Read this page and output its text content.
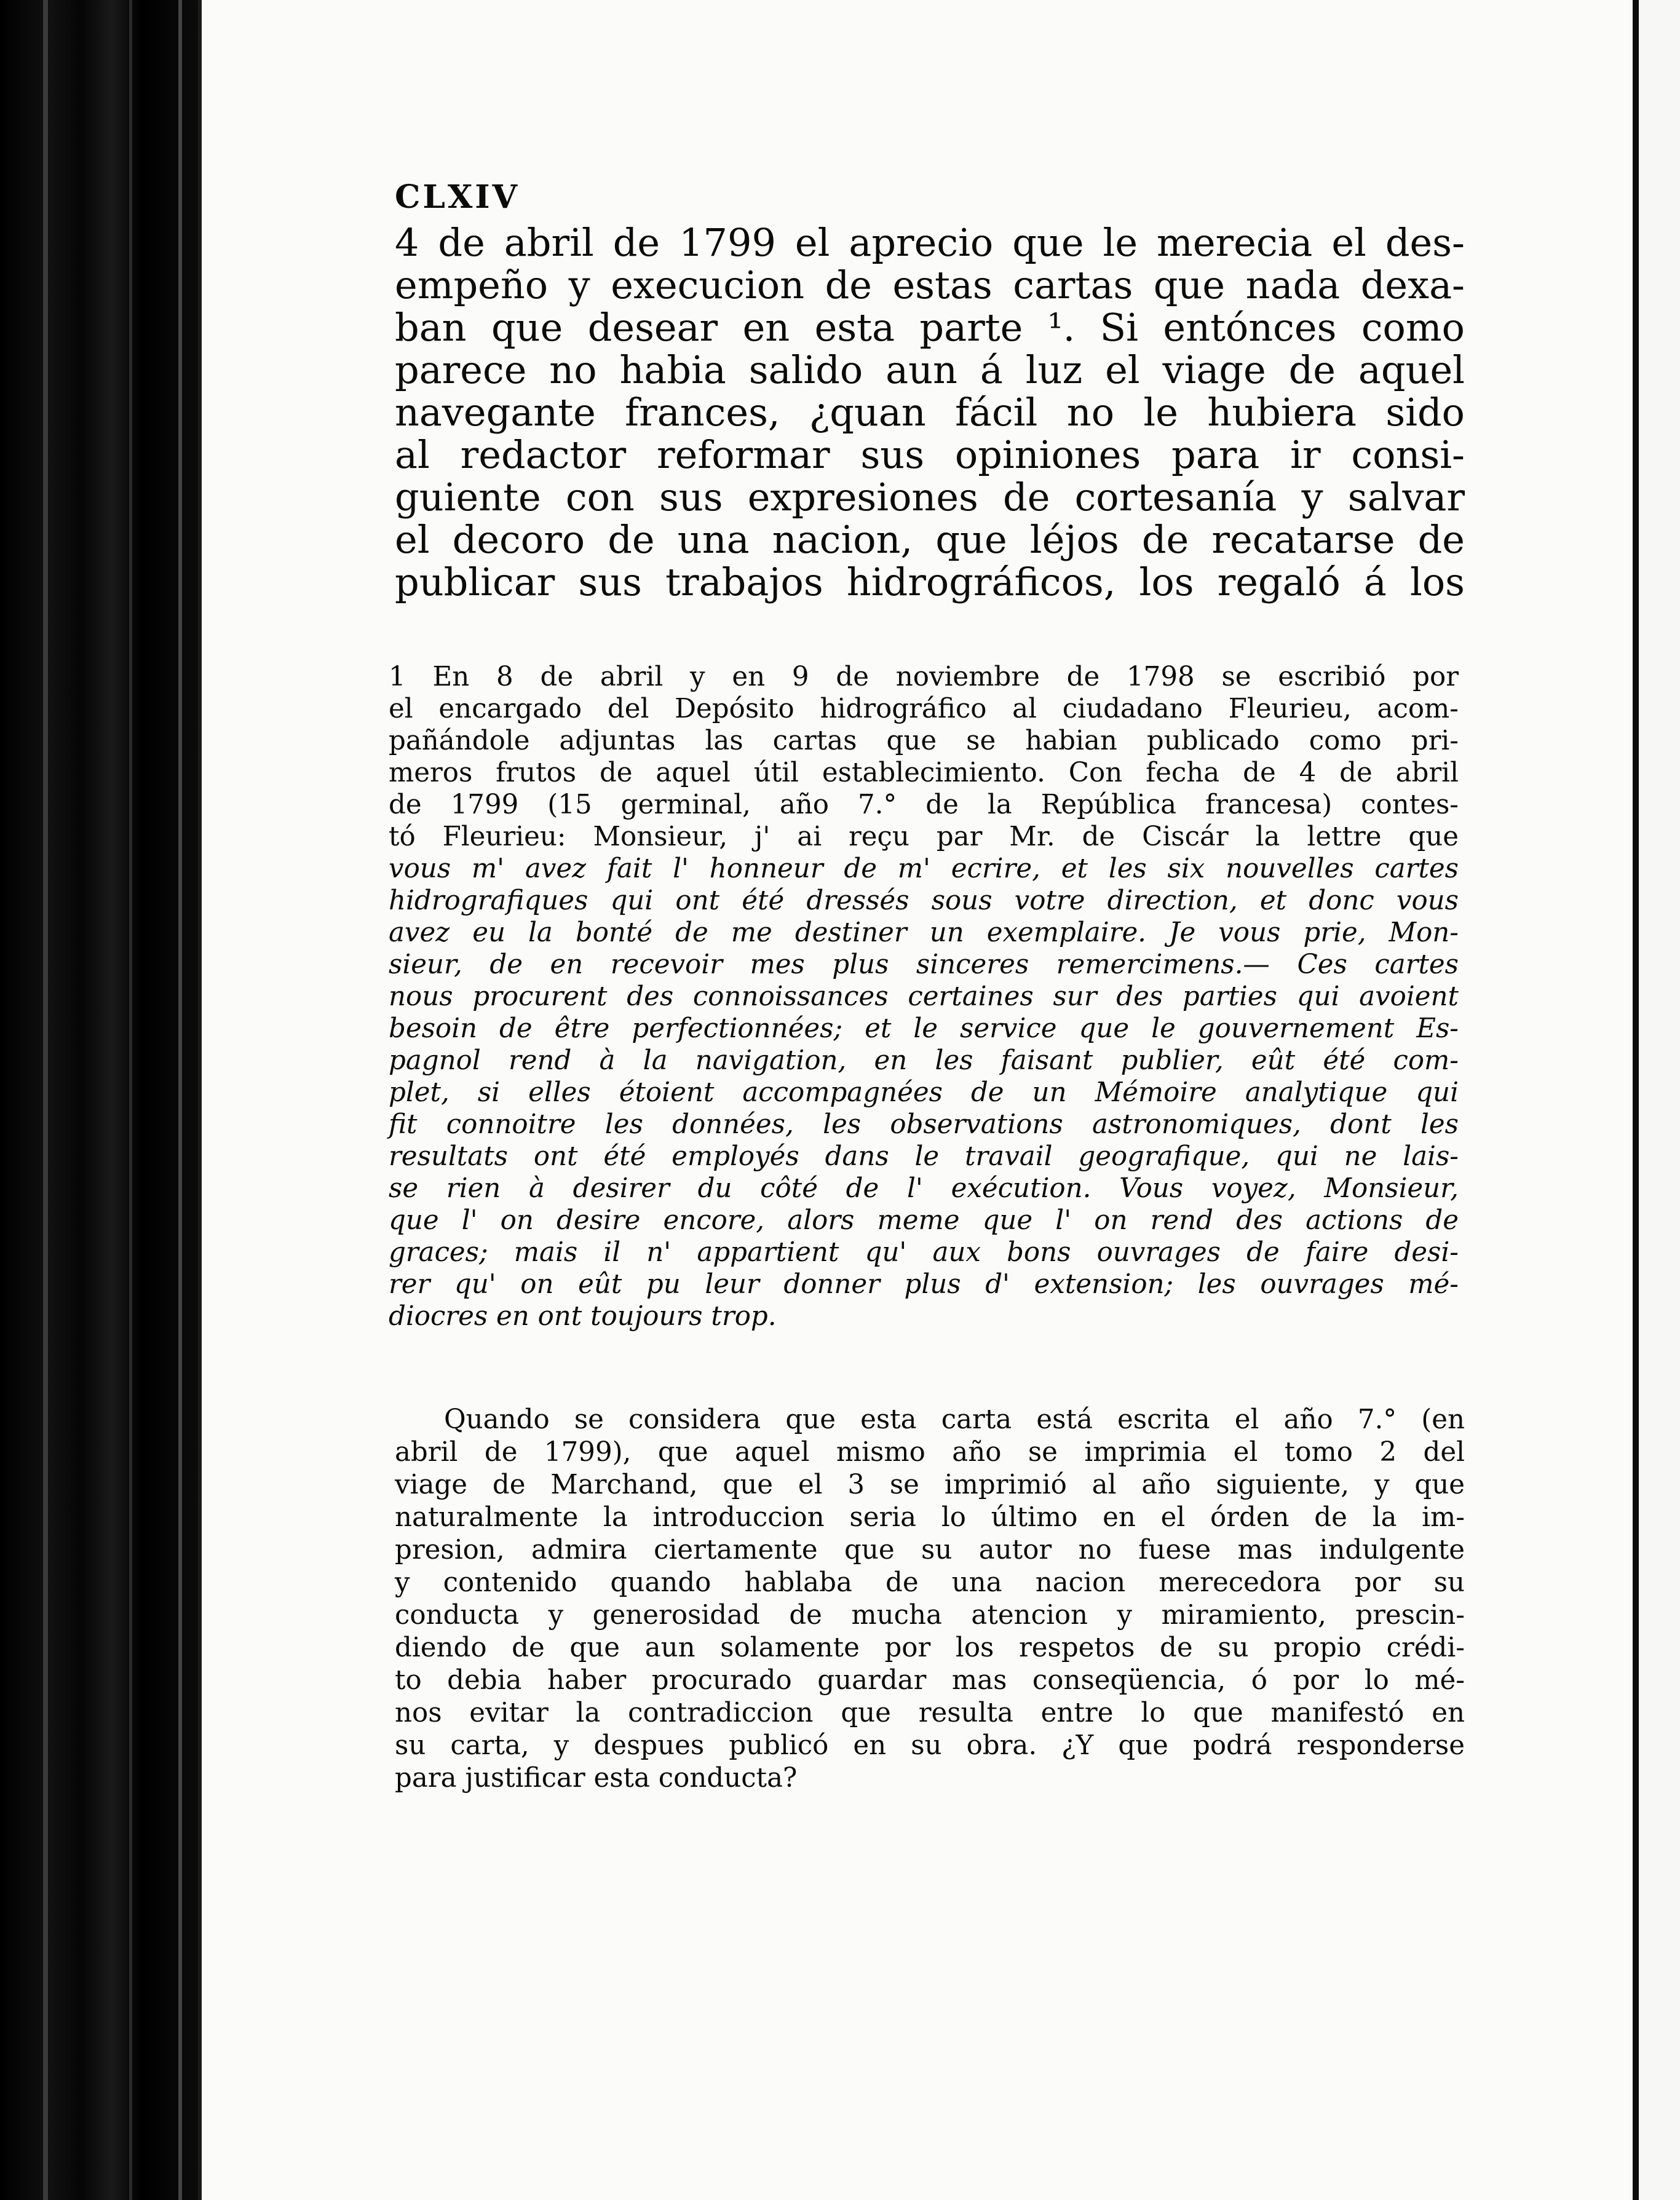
CLXIV
4 de abril de 1799 el aprecio que le merecia el des-
empeño y execucion de estas cartas que nada dexa-
ban que desear en esta parte ¹. Si entónces como
parece no habia salido aun á luz el viage de aquel
navegante frances, ¿quan fácil no le hubiera sido
al redactor reformar sus opiniones para ir consi-
guiente con sus expresiones de cortesanía y salvar
el decoro de una nacion, que léjos de recatarse de
publicar sus trabajos hidrográficos, los regaló á los
1 En 8 de abril y en 9 de noviembre de 1798 se escribió por
el encargado del Depósito hidrográfico al ciudadano Fleurieu, acom-
pañándole adjuntas las cartas que se habian publicado como pri-
meros frutos de aquel útil establecimiento. Con fecha de 4 de abril
de 1799 (15 germinal, año 7.° de la República francesa) contes-
tó Fleurieu: Monsieur, j' ai reçu par Mr. de Ciscár la lettre que
vous m' avez fait l' honneur de m' ecrire, et les six nouvelles cartes
hidrografiques qui ont été dressés sous votre direction, et donc vous
avez eu la bonté de me destiner un exemplaire. Je vous prie, Mon-
sieur, de en recevoir mes plus sinceres remercimens.— Ces cartes
nous procurent des connoissances certaines sur des parties qui avoient
besoin de être perfectionnées; et le service que le gouvernement Es-
pagnol rend à la navigation, en les faisant publier, eût été com-
plet, si elles étoient accompagnées de un Mémoire analytique qui
fit connoitre les données, les observations astronomiques, dont les
resultats ont été employés dans le travail geografique, qui ne lais-
se rien à desirer du côté de l' exécution. Vous voyez, Monsieur,
que l' on desire encore, alors meme que l' on rend des actions de
graces; mais il n' appartient qu' aux bons ouvrages de faire desi-
rer qu' on eût pu leur donner plus d' extension; les ouvrages mé-
diocres en ont toujours trop.
Quando se considera que esta carta está escrita el año 7.° (en
abril de 1799), que aquel mismo año se imprimia el tomo 2 del
viage de Marchand, que el 3 se imprimió al año siguiente, y que
naturalmente la introduccion seria lo último en el órden de la im-
presion, admira ciertamente que su autor no fuese mas indulgente
y contenido quando hablaba de una nacion merecedora por su
conducta y generosidad de mucha atencion y miramiento, prescin-
diendo de que aun solamente por los respetos de su propio crédi-
to debia haber procurado guardar mas conseqüencia, ó por lo mé-
nos evitar la contradiccion que resulta entre lo que manifestó en
su carta, y despues publicó en su obra. ¿Y que podrá responderse
para justificar esta conducta?
